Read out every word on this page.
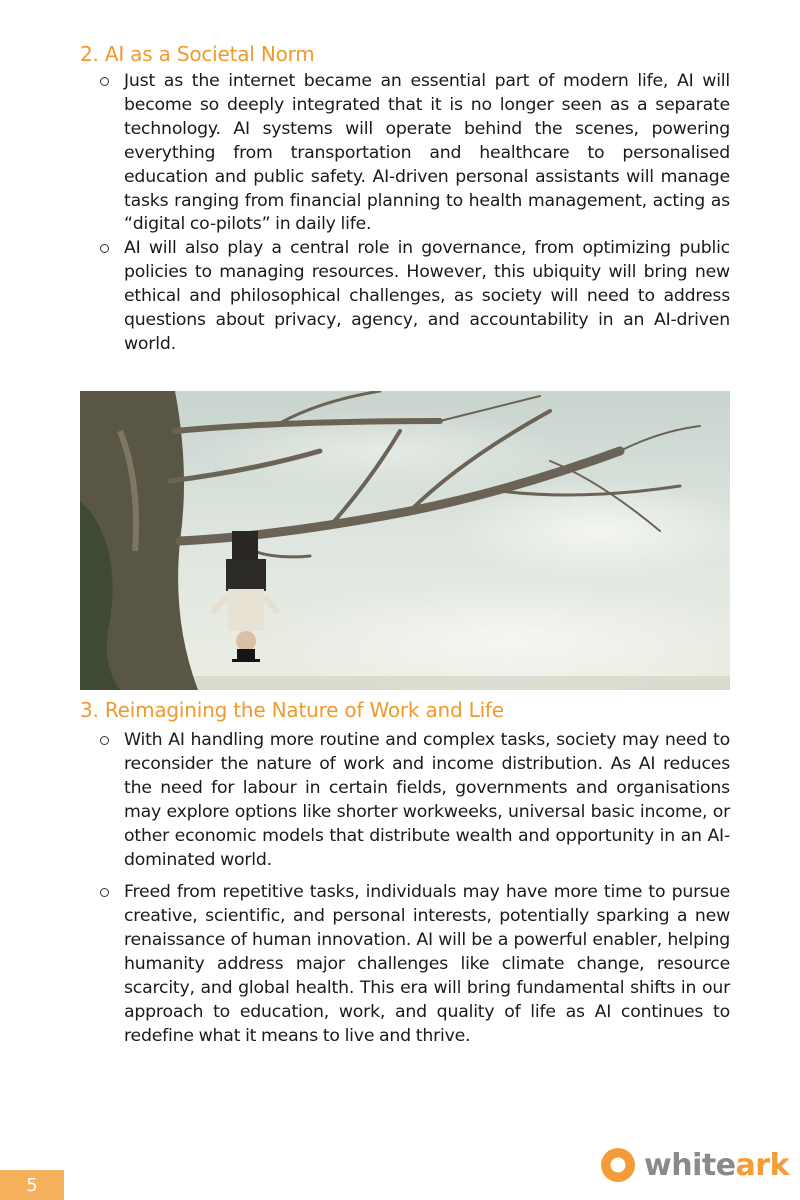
2. AI as a Societal Norm
Just as the internet became an essential part of modern life, AI will become so deeply integrated that it is no longer seen as a separate technology. AI systems will operate behind the scenes, powering everything from transportation and healthcare to personalised education and public safety. AI-driven personal assistants will manage tasks ranging from financial planning to health management, acting as “digital co-pilots” in daily life.
AI will also play a central role in governance, from optimizing public policies to managing resources. However, this ubiquity will bring new ethical and philosophical challenges, as society will need to address questions about privacy, agency, and accountability in an AI-driven world.
3. Reimagining the Nature of Work and Life
With AI handling more routine and complex tasks, society may need to reconsider the nature of work and income distribution. As AI reduces the need for labour in certain fields, governments and organisations may explore options like shorter workweeks, universal basic income, or other economic models that distribute wealth and opportunity in an AI-dominated world.
Freed from repetitive tasks, individuals may have more time to pursue creative, scientific, and personal interests, potentially sparking a new renaissance of human innovation. AI will be a powerful enabler, helping humanity address major challenges like climate change, resource scarcity, and global health. This era will bring fundamental shifts in our approach to education, work, and quality of life as AI continues to redefine what it means to live and thrive.
5
whiteark
